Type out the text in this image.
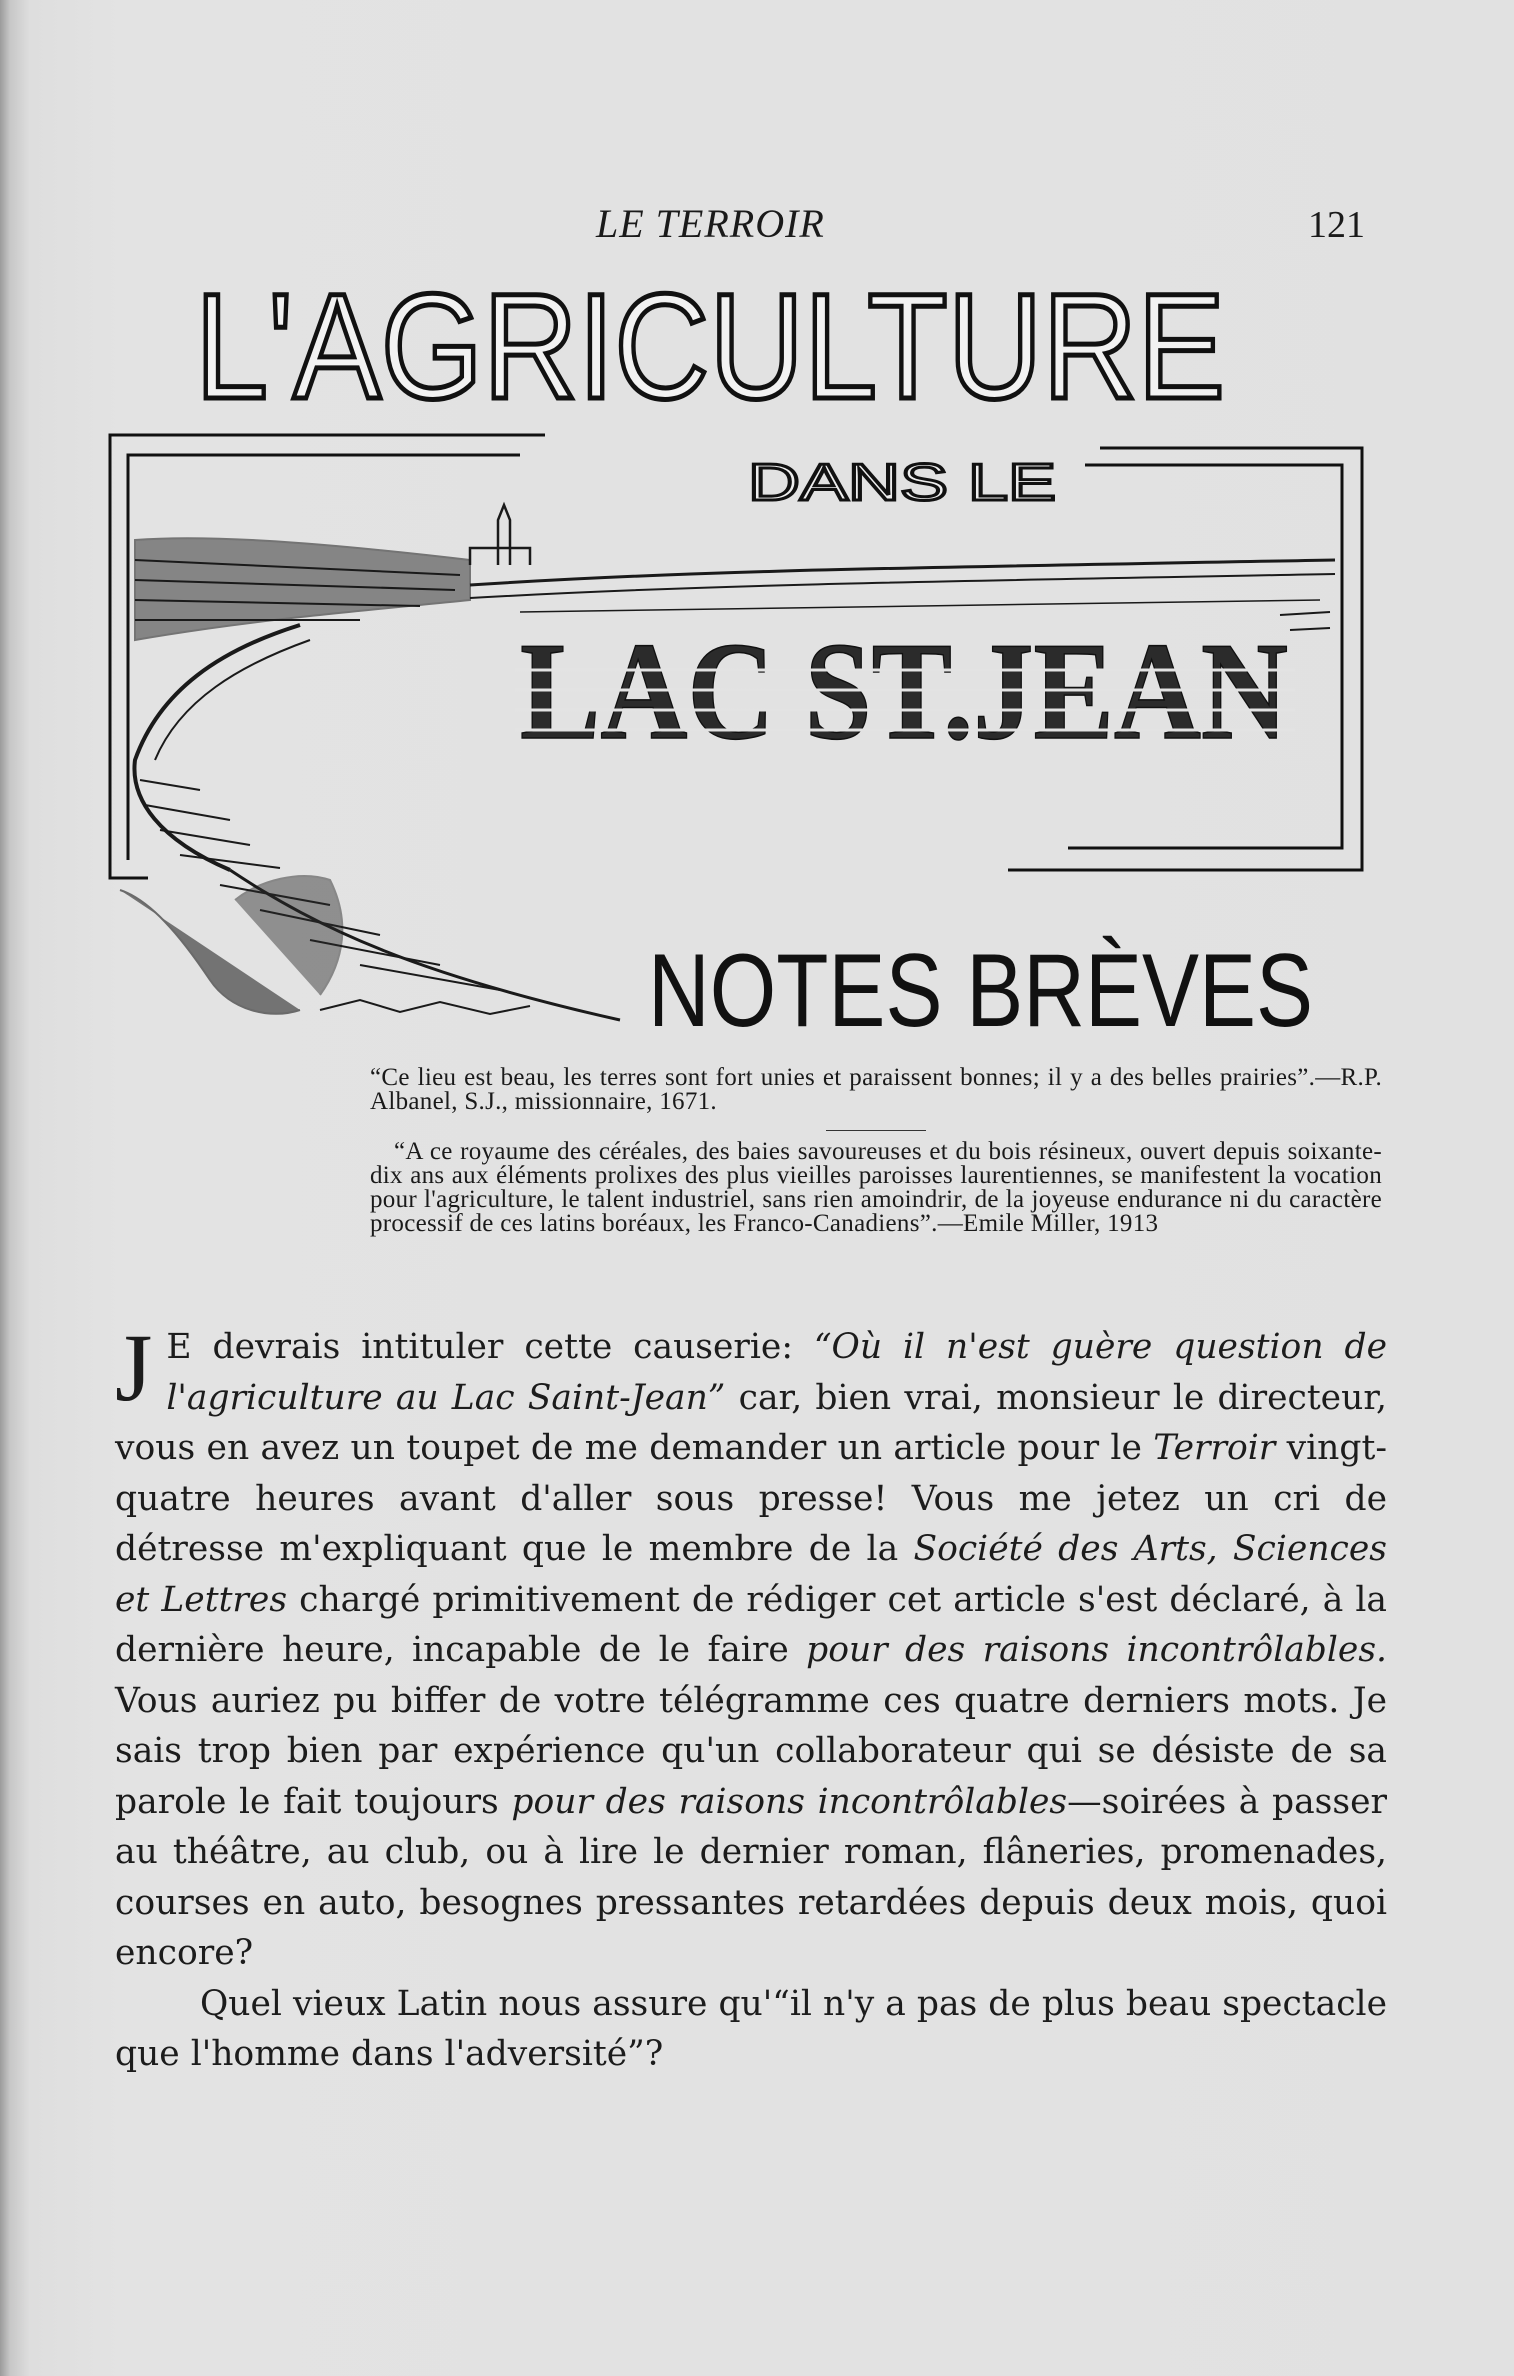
LE TERROIR	121
L'AGRICULTURE
DANS LE
NOTES BRÈVES

“Ce lieu est beau, les terres sont fort unies et paraissent bonnes; il y a des belles prairies”.—R.P. Albanel, S.J., missionnaire, 1671.

“A ce royaume des céréales, des baies savoureuses et du bois résineux, ouvert depuis soixante-dix ans aux éléments prolixes des plus vieilles paroisses laurentiennes, se manifestent la vocation pour l'agriculture, le talent industriel, sans rien amoindrir, de la joyeuse endurance ni du caractère processif de ces latins boréaux, les Franco-Canadiens”.—Emile Miller, 1913

J E devrais intituler cette causerie: “Où il n'est guère question de l'agriculture au Lac Saint-Jean” car, bien vrai, monsieur le directeur, vous en avez un toupet de me demander un article pour le Terroir vingt-quatre heures avant d'aller sous presse! Vous me jetez un cri de détresse m'expliquant que le membre de la Société des Arts, Sciences et Lettres chargé primitivement de rédiger cet article s'est déclaré, à la dernière heure, incapable de le faire pour des raisons incontrôlables. Vous auriez pu biffer de votre télégramme ces quatre derniers mots. Je sais trop bien par expérience qu'un collaborateur qui se désiste de sa parole le fait toujours pour des raisons incontrôlables—soirées à passer au théâtre, au club, ou à lire le dernier roman, flâneries, promenades, courses en auto, besognes pressantes retardées depuis deux mois, quoi encore?

Quel vieux Latin nous assure qu'“il n'y a pas de plus beau spectacle que l'homme dans l'adversité”?
